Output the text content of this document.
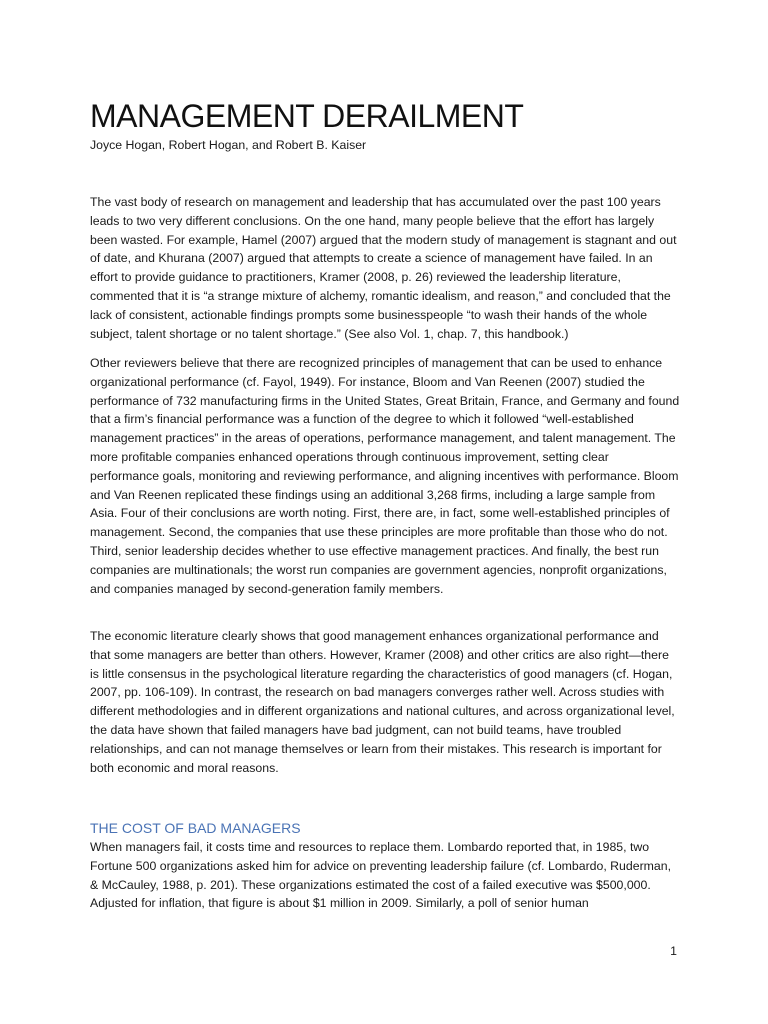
MANAGEMENT DERAILMENT

Joyce Hogan, Robert Hogan, and Robert B. Kaiser

The vast body of research on management and leadership that has accumulated over the past 100 years leads to two very different conclusions. On the one hand, many people believe that the effort has largely been wasted. For example, Hamel (2007) argued that the modern study of management is stagnant and out of date, and Khurana (2007) argued that attempts to create a science of management have failed. In an effort to provide guidance to practitioners, Kramer (2008, p. 26) reviewed the leadership literature, commented that it is “a strange mixture of alchemy, romantic idealism, and reason,” and concluded that the lack of consistent, actionable findings prompts some businesspeople “to wash their hands of the whole subject, talent shortage or no talent shortage.” (See also Vol. 1, chap. 7, this handbook.)

Other reviewers believe that there are recognized principles of management that can be used to enhance organizational performance (cf. Fayol, 1949). For instance, Bloom and Van Reenen (2007) studied the performance of 732 manufacturing firms in the United States, Great Britain, France, and Germany and found that a firm’s financial performance was a function of the degree to which it followed “well-established management practices” in the areas of operations, performance management, and talent management. The more profitable companies enhanced operations through continuous improvement, setting clear performance goals, monitoring and reviewing performance, and aligning incentives with performance. Bloom and Van Reenen replicated these findings using an additional 3,268 firms, including a large sample from Asia. Four of their conclusions are worth noting. First, there are, in fact, some well-established principles of management. Second, the companies that use these principles are more profitable than those who do not. Third, senior leadership decides whether to use effective management practices. And finally, the best run companies are multinationals; the worst run companies are government agencies, nonprofit organizations, and companies managed by second-generation family members.

The economic literature clearly shows that good management enhances organizational performance and that some managers are better than others. However, Kramer (2008) and other critics are also right—there is little consensus in the psychological literature regarding the characteristics of good managers (cf. Hogan, 2007, pp. 106-109). In contrast, the research on bad managers converges rather well. Across studies with different methodologies and in different organizations and national cultures, and across organizational level, the data have shown that failed managers have bad judgment, can not build teams, have troubled relationships, and can not manage themselves or learn from their mistakes. This research is important for both economic and moral reasons.

THE COST OF BAD MANAGERS

When managers fail, it costs time and resources to replace them. Lombardo reported that, in 1985, two Fortune 500 organizations asked him for advice on preventing leadership failure (cf. Lombardo, Ruderman, & McCauley, 1988, p. 201). These organizations estimated the cost of a failed executive was $500,000. Adjusted for inflation, that figure is about $1 million in 2009. Similarly, a poll of senior human

1
